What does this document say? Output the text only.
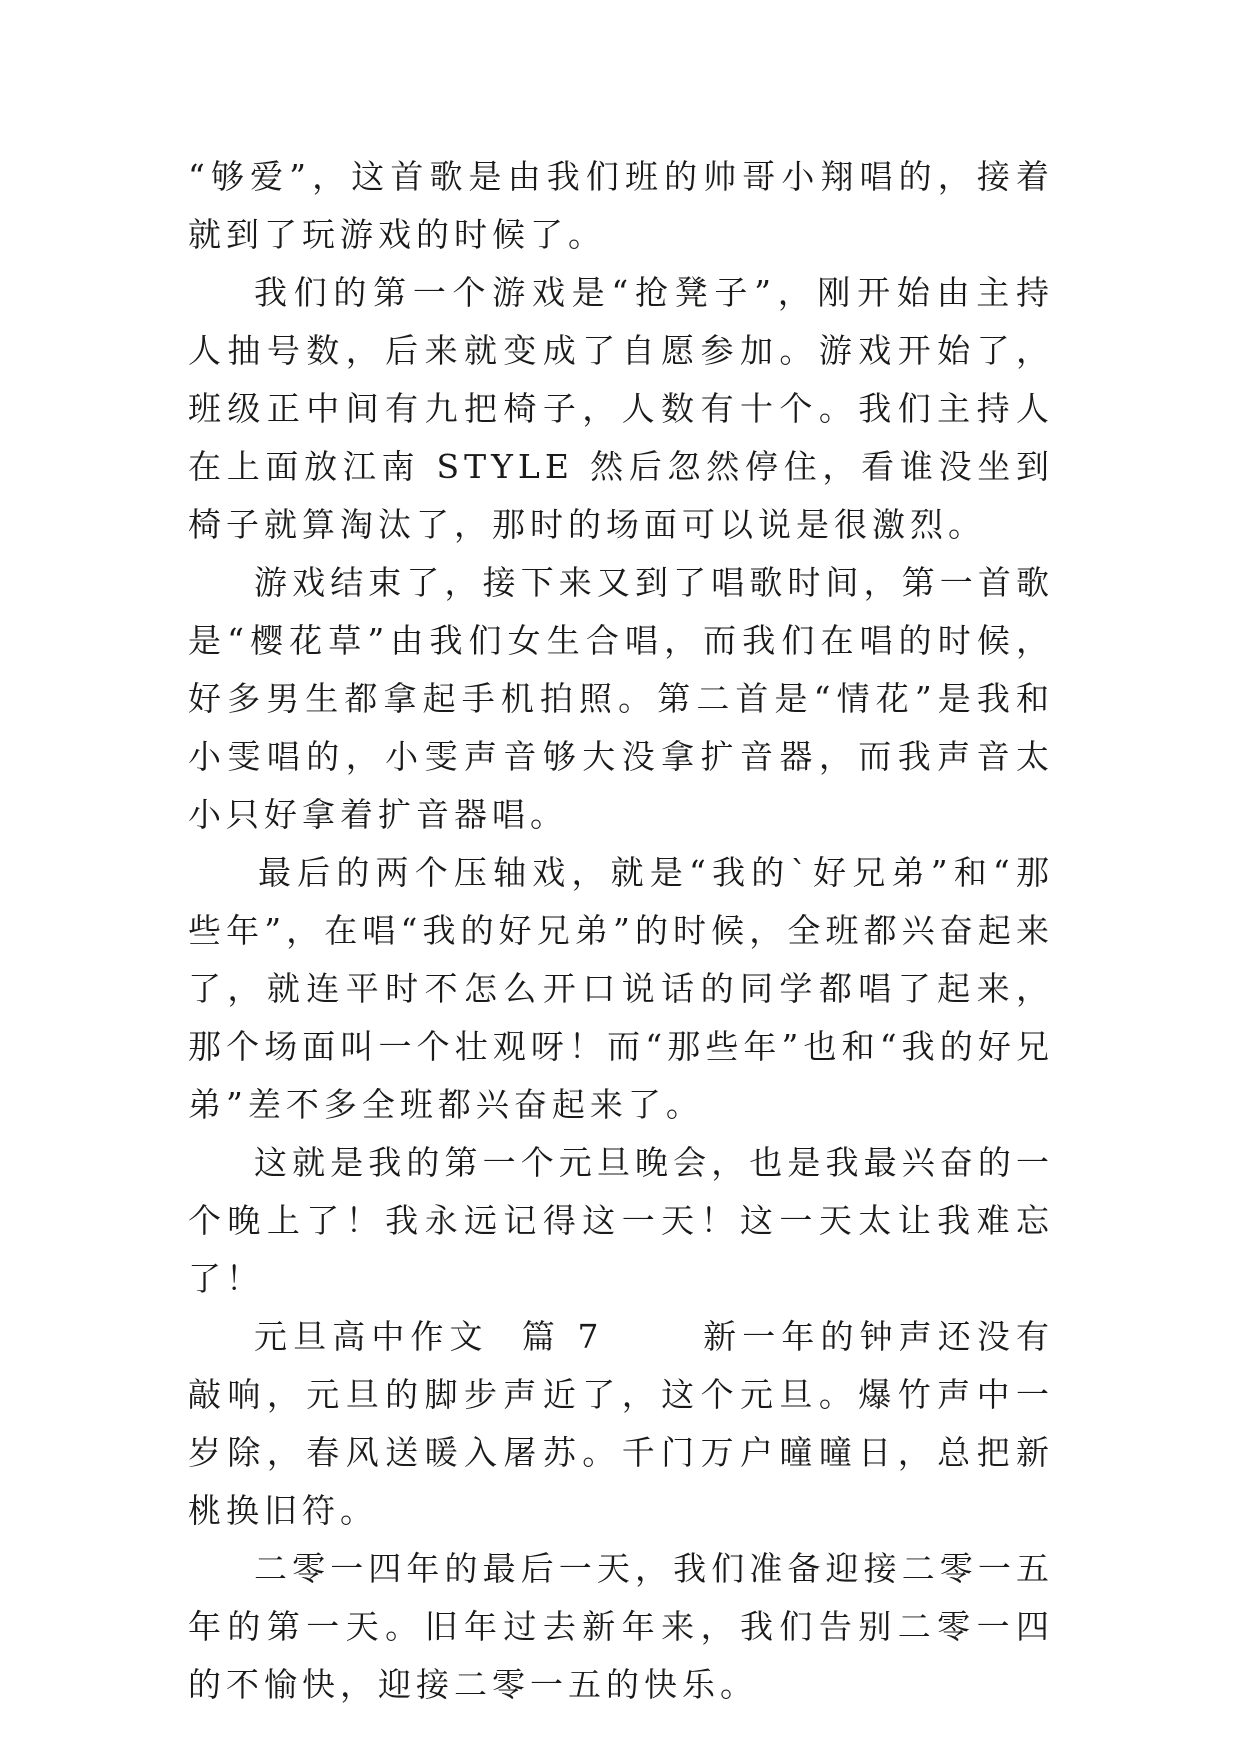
“够爱”，这首歌是由我们班的帅哥小翔唱的，接着就到了玩游戏的时候了。

我们的第一个游戏是“抢凳子”，刚开始由主持人抽号数，后来就变成了自愿参加。游戏开始了，班级正中间有九把椅子，人数有十个。我们主持人在上面放江南 STYLE 然后忽然停住，看谁没坐到椅子就算淘汰了，那时的场面可以说是很激烈。

游戏结束了，接下来又到了唱歌时间，第一首歌是“樱花草”由我们女生合唱，而我们在唱的时候，好多男生都拿起手机拍照。第二首是“情花”是我和小雯唱的，小雯声音够大没拿扩音器，而我声音太小只好拿着扩音器唱。

最后的两个压轴戏，就是“我的`好兄弟”和“那些年”，在唱“我的好兄弟”的时候，全班都兴奋起来了，就连平时不怎么开口说话的同学都唱了起来，那个场面叫一个壮观呀！而“那些年”也和“我的好兄弟”差不多全班都兴奋起来了。

这就是我的第一个元旦晚会，也是我最兴奋的一个晚上了！我永远记得这一天！这一天太让我难忘了！

元旦高中作文  篇 7      新一年的钟声还没有敲响，元旦的脚步声近了，这个元旦。爆竹声中一岁除，春风送暖入屠苏。千门万户曈曈日，总把新桃换旧符。

二零一四年的最后一天，我们准备迎接二零一五年的第一天。旧年过去新年来，我们告别二零一四的不愉快，迎接二零一五的快乐。
